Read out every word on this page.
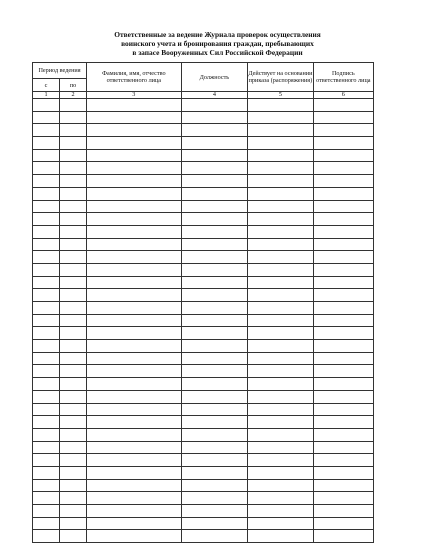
Ответственные за ведение Журнала проверок осуществления
воинского учета и бронирования граждан, пребывающих
в запасе Вооруженных Сил Российской Федерации
Период ведения		Фамилия, имя, отчество ответственного лица	Должность	Действует на основании приказа (распоряжения)	Подпись ответственного лица
с	по				
1	2	3	4	5	6
